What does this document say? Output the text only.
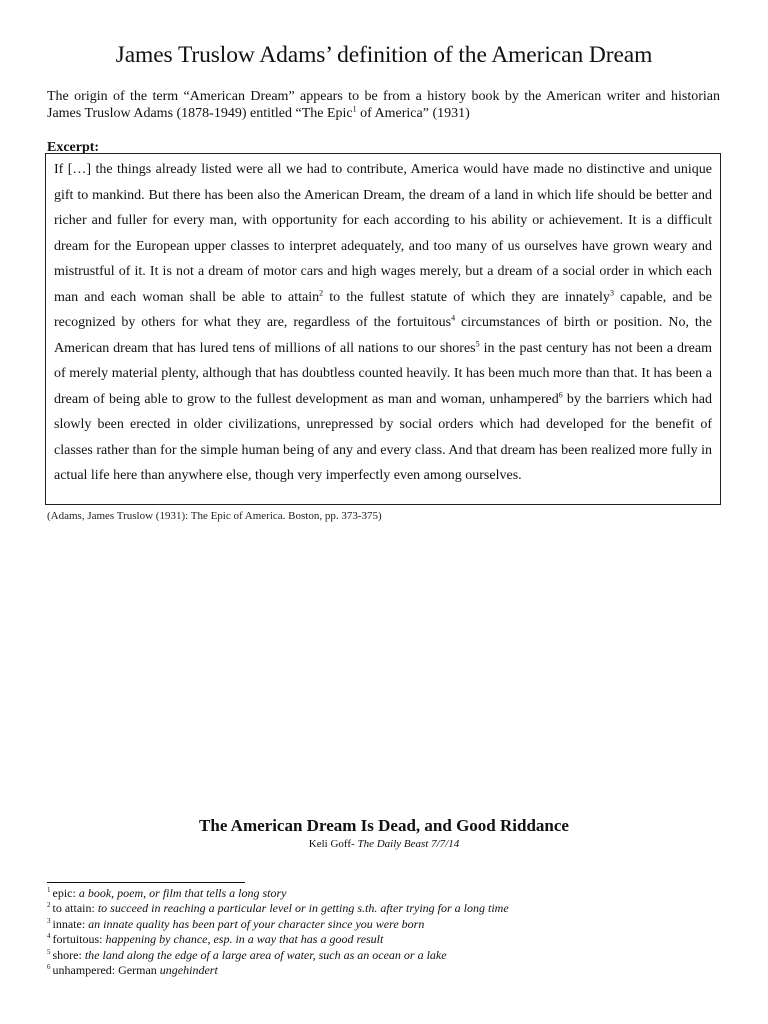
James Truslow Adams’ definition of the American Dream

The origin of the term “American Dream” appears to be from a history book by the American writer and historian James Truslow Adams (1878-1949) entitled “The Epic$^1$ of America” (1931)

Excerpt:

If […] the things already listed were all we had to contribute, America would have made no distinctive and unique gift to mankind. But there has been also the American Dream, the dream of a land in which life should be better and richer and fuller for every man, with opportunity for each according to his ability or achievement. It is a difficult dream for the European upper classes to interpret adequately, and too many of us ourselves have grown weary and mistrustful of it. It is not a dream of motor cars and high wages merely, but a dream of a social order in which each man and each woman shall be able to attain$^2$ to the fullest statute of which they are innately$^3$ capable, and be recognized by others for what they are, regardless of the fortuitous$^4$ circumstances of birth or position. No, the American dream that has lured tens of millions of all nations to our shores$^5$ in the past century has not been a dream of merely material plenty, although that has doubtless counted heavily. It has been much more than that. It has been a dream of being able to grow to the fullest development as man and woman, unhampered$^6$ by the barriers which had slowly been erected in older civilizations, unrepressed by social orders which had developed for the benefit of classes rather than for the simple human being of any and every class. And that dream has been realized more fully in actual life here than anywhere else, though very imperfectly even among ourselves.

(Adams, James Truslow (1931): The Epic of America. Boston, pp. 373-375)

The American Dream Is Dead, and Good Riddance

Keli Goff- The Daily Beast 7/7/14

$^1$ epic: a book, poem, or film that tells a long story
$^2$ to attain: to succeed in reaching a particular level or in getting s.th. after trying for a long time
$^3$ innate: an innate quality has been part of your character since you were born
$^4$ fortuitous: happening by chance, esp. in a way that has a good result
$^5$ shore: the land along the edge of a large area of water, such as an ocean or a lake
$^6$ unhampered: German ungehindert
